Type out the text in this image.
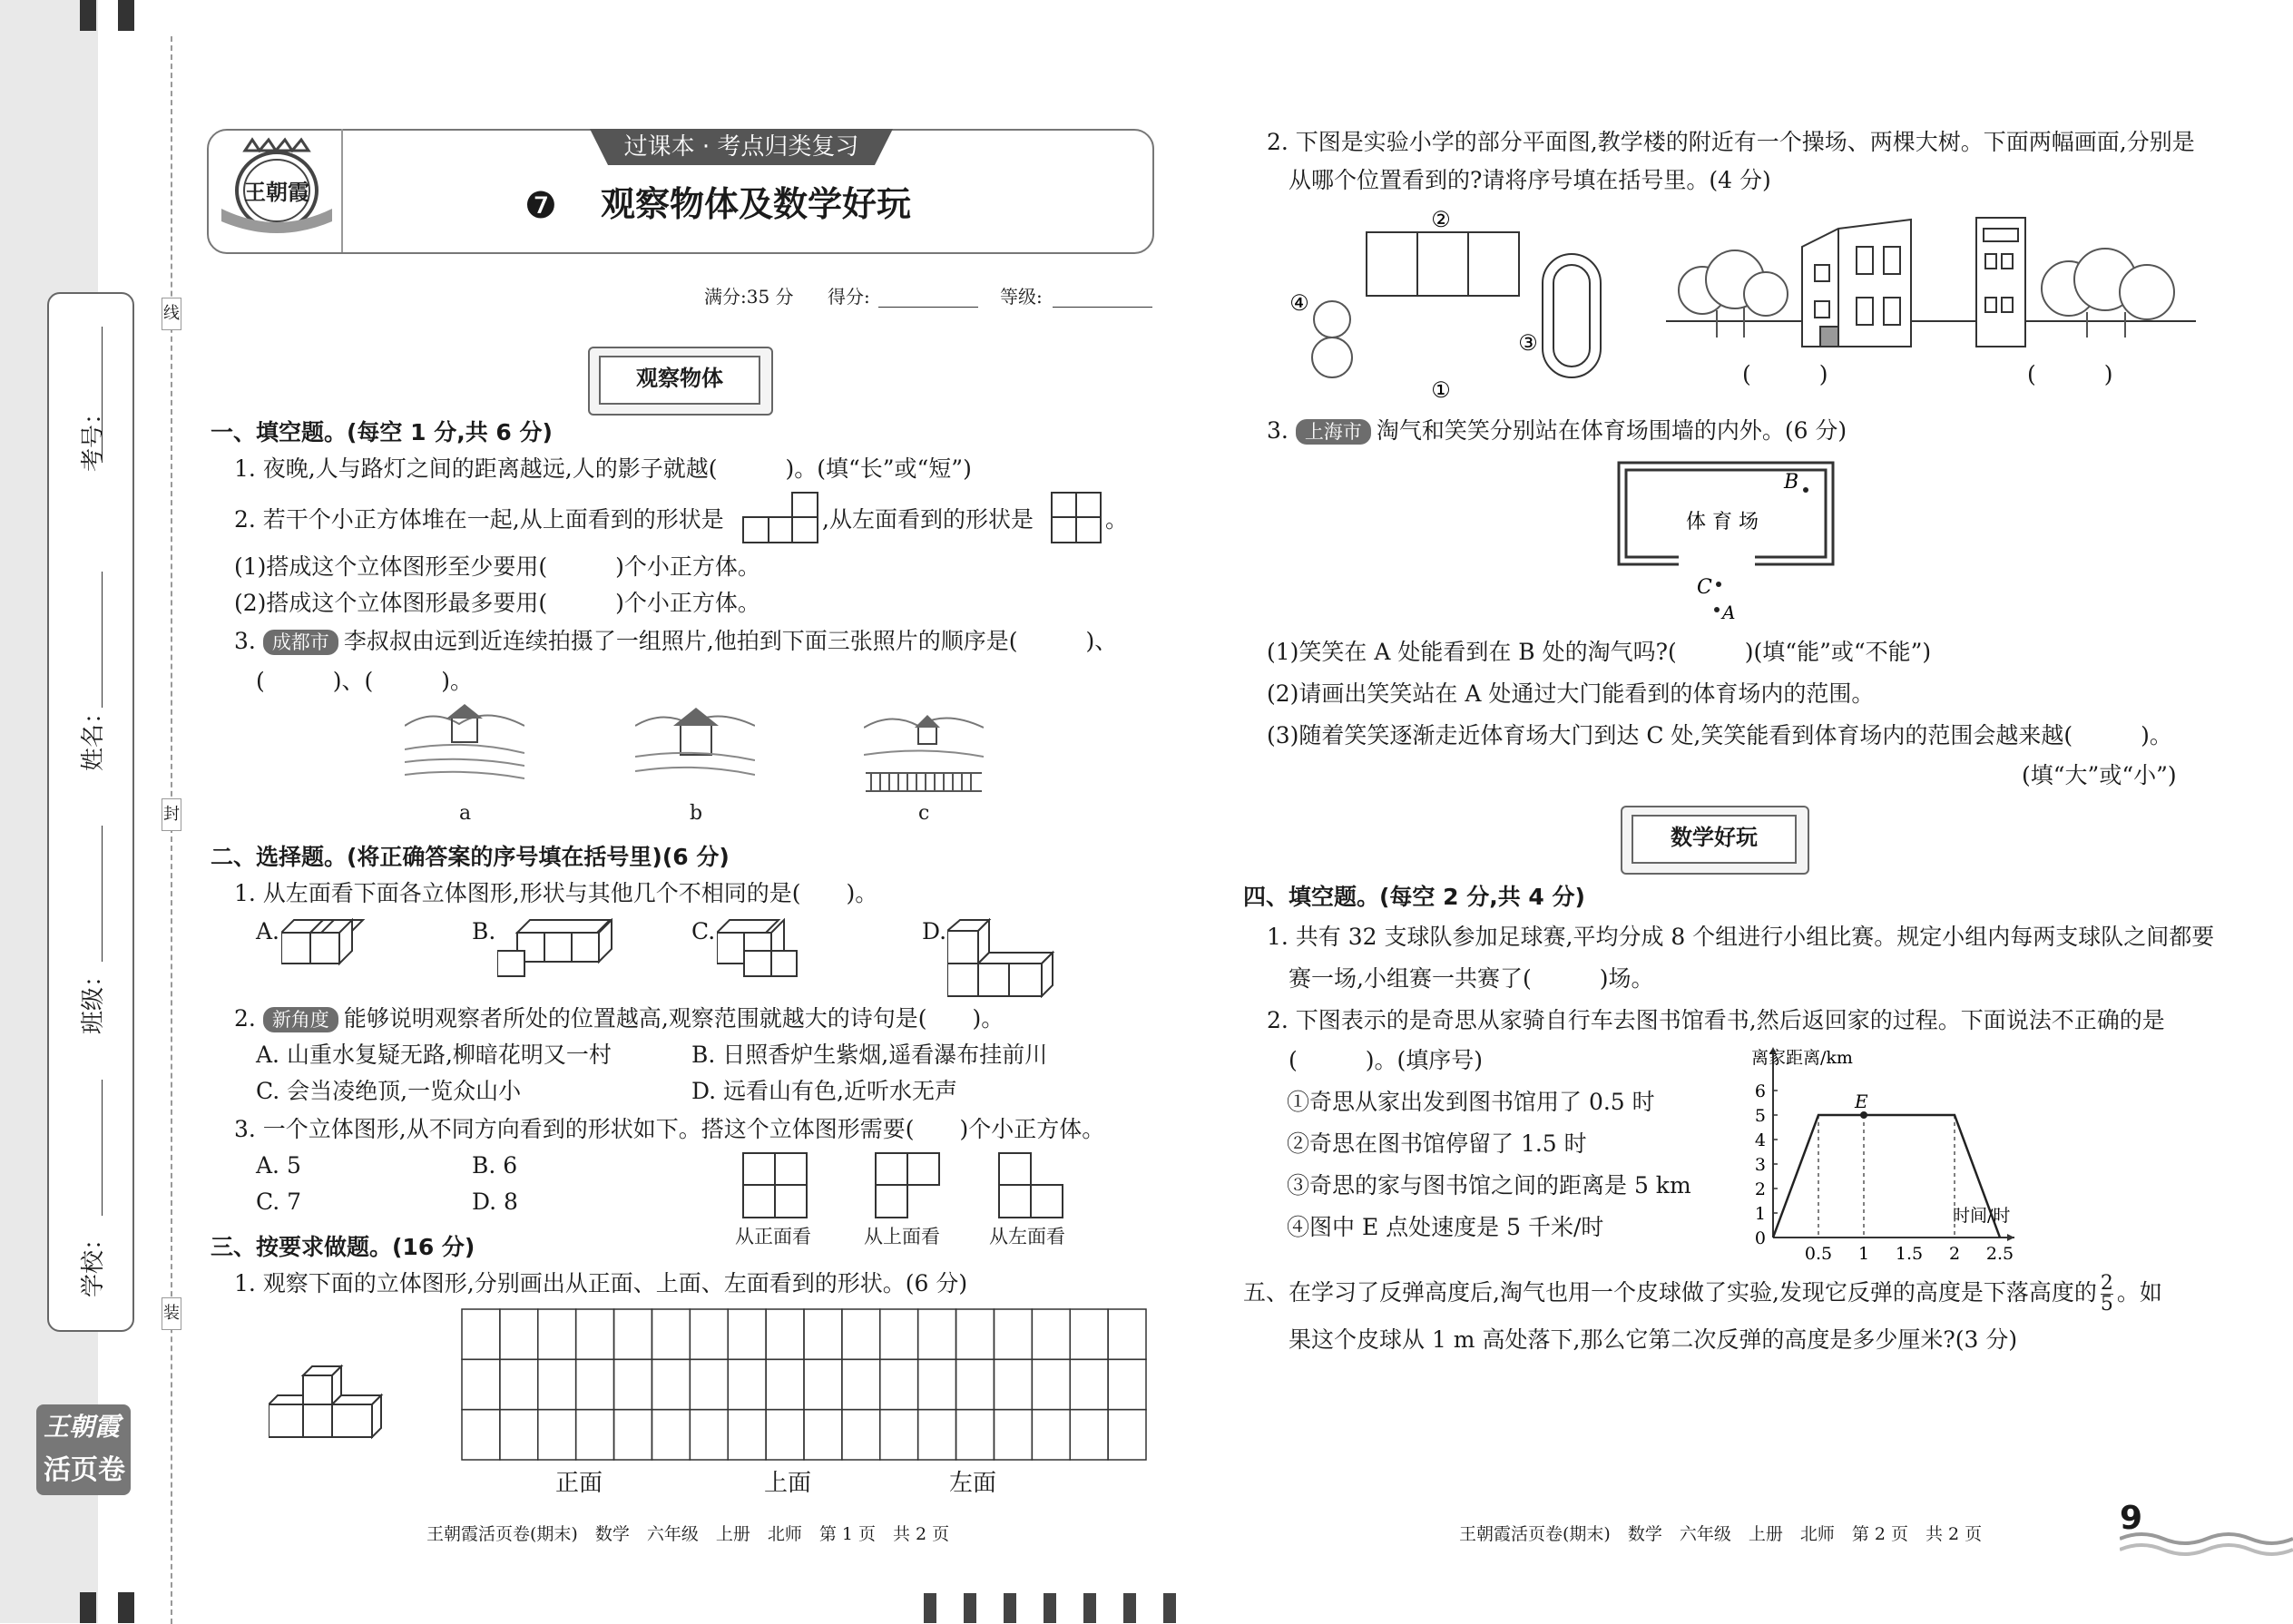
线
封
装
考号：
姓名：
班级：
学校：
王朝霞
活页卷
王朝霞
过课本 · 考点归类复习
❼ 观察物体及数学好玩
满分:35 分 得分:	等级:
观察物体
一、填空题。(每空 1 分,共 6 分)
1. 夜晚,人与路灯之间的距离越远,人的影子就越(　　　)。(填“长”或“短”)
2. 若干个小正方体堆在一起,从上面看到的形状是	,从左面看到的形状是	。
(1)搭成这个立体图形至少要用(　　　)个小正方体。
(2)搭成这个立体图形最多要用(　　　)个小正方体。
3. 成都市 李叔叔由远到近连续拍摄了一组照片,他拍到下面三张照片的顺序是(　　　)、
(　　　)、(　　　)。
a	b	c
二、选择题。(将正确答案的序号填在括号里)(6 分)
1. 从左面看下面各立体图形,形状与其他几个不相同的是(　　)。
A.	B.	C.	D.
2. 新角度 能够说明观察者所处的位置越高,观察范围就越大的诗句是(　　)。
A. 山重水复疑无路,柳暗花明又一村	B. 日照香炉生紫烟,遥看瀑布挂前川
C. 会当凌绝顶,一览众山小	D. 远看山有色,近听水无声
3. 一个立体图形,从不同方向看到的形状如下。搭这个立体图形需要(　　)个小正方体。
A. 5	B. 6
C. 7	D. 8
从正面看	从上面看	从左面看
三、按要求做题。(16 分)
1. 观察下面的立体图形,分别画出从正面、上面、左面看到的形状。(6 分)
正面	上面	左面
王朝霞活页卷(期末)　数学　六年级　上册　北师　第 1 页　共 2 页
2. 下图是实验小学的部分平面图,教学楼的附近有一个操场、两棵大树。下面两幅画面,分别是
从哪个位置看到的?请将序号填在括号里。(4 分)
②
①
③
④
(　　　)	(　　　)
3. 上海市 淘气和笑笑分别站在体育场围墙的内外。(6 分)
体 育 场
B
C
A
(1)笑笑在 A 处能看到在 B 处的淘气吗?(　　　)(填“能”或“不能”)
(2)请画出笑笑站在 A 处通过大门能看到的体育场内的范围。
(3)随着笑笑逐渐走近体育场大门到达 C 处,笑笑能看到体育场内的范围会越来越(　　　)。
(填“大”或“小”)
数学好玩
四、填空题。(每空 2 分,共 4 分)
1. 共有 32 支球队参加足球赛,平均分成 8 个组进行小组比赛。规定小组内每两支球队之间都要
赛一场,小组赛一共赛了(　　　)场。
2. 下图表示的是奇思从家骑自行车去图书馆看书,然后返回家的过程。下面说法不正确的是
(　　　)。(填序号)
①奇思从家出发到图书馆用了 0.5 时
②奇思在图书馆停留了 1.5 时
③奇思的家与图书馆之间的距离是 5 km
④图中 E 点处速度是 5 千米/时
离家距离/km
时间/时
0
1
2
3
4
5
6
0.5 1 1.5 2 2.5
E
五、在学习了反弹高度后,淘气也用一个皮球做了实验,发现它反弹的高度是下落高度的 $\frac{2}{5}$ 。如
果这个皮球从 1 m 高处落下,那么它第二次反弹的高度是多少厘米?(3 分)
王朝霞活页卷(期末)　数学　六年级　上册　北师　第 2 页　共 2 页	9
